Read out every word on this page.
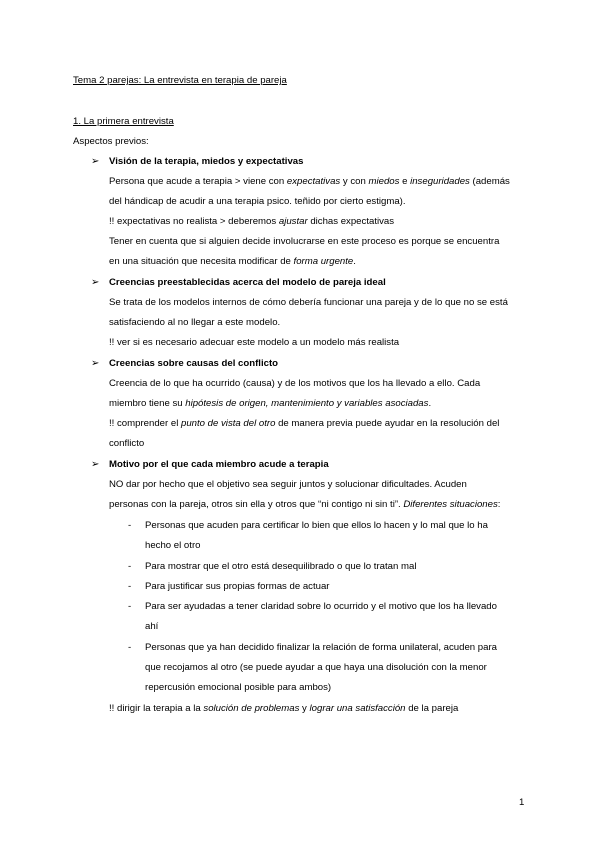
Tema 2 parejas: La entrevista en terapia de pareja
1. La primera entrevista
Aspectos previos:
➢ Visión de la terapia, miedos y expectativas
Persona que acude a terapia > viene con expectativas y con miedos e inseguridades (además
del hándicap de acudir a una terapia psico. teñido por cierto estigma).
!! expectativas no realista > deberemos ajustar dichas expectativas
Tener en cuenta que si alguien decide involucrarse en este proceso es porque se encuentra
en una situación que necesita modificar de forma urgente.
➢ Creencias preestablecidas acerca del modelo de pareja ideal
Se trata de los modelos internos de cómo debería funcionar una pareja y de lo que no se está
satisfaciendo al no llegar a este modelo.
!! ver si es necesario adecuar este modelo a un modelo más realista
➢ Creencias sobre causas del conflicto
Creencia de lo que ha ocurrido (causa) y de los motivos que los ha llevado a ello. Cada
miembro tiene su hipótesis de origen, mantenimiento y variables asociadas.
!! comprender el punto de vista del otro de manera previa puede ayudar en la resolución del
conflicto
➢ Motivo por el que cada miembro acude a terapia
NO dar por hecho que el objetivo sea seguir juntos y solucionar dificultades. Acuden
personas con la pareja, otros sin ella y otros que “ni contigo ni sin ti”. Diferentes situaciones:
- Personas que acuden para certificar lo bien que ellos lo hacen y lo mal que lo ha
hecho el otro
- Para mostrar que el otro está desequilibrado o que lo tratan mal
- Para justificar sus propias formas de actuar
- Para ser ayudadas a tener claridad sobre lo ocurrido y el motivo que los ha llevado
ahí
- Personas que ya han decidido finalizar la relación de forma unilateral, acuden para
que recojamos al otro (se puede ayudar a que haya una disolución con la menor
repercusión emocional posible para ambos)
!! dirigir la terapia a la solución de problemas y lograr una satisfacción de la pareja
1
